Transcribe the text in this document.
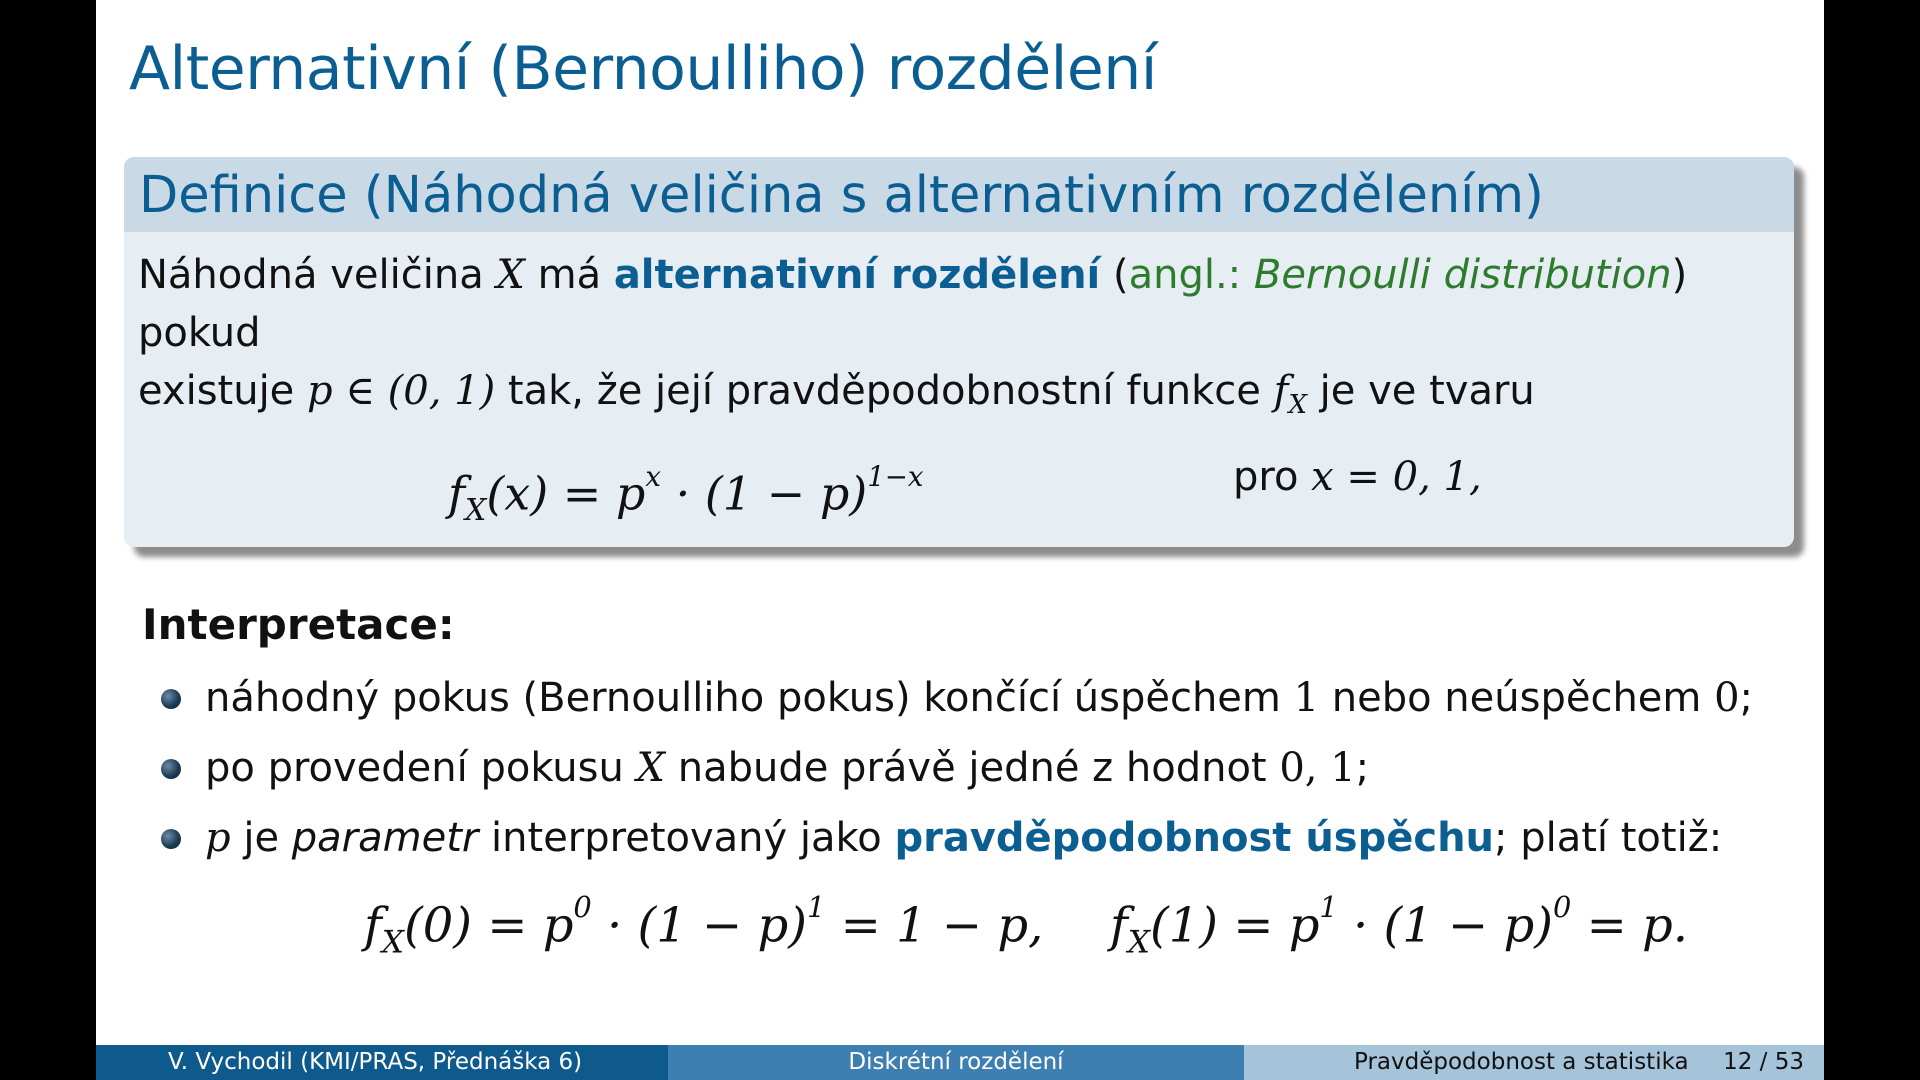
Alternativní (Bernoulliho) rozdělení
Definice (Náhodná veličina s alternativním rozdělením)
Náhodná veličina X má alternativní rozdělení (angl.: Bernoulli distribution) pokud
existuje p ∈ (0, 1) tak, že její pravděpodobnostní funkce $f_X$ je ve tvaru
$f_X(x) = p^x \cdot (1 - p)^{1-x}$	pro x = 0, 1,
Interpretace:
náhodný pokus (Bernoulliho pokus) končící úspěchem 1 nebo neúspěchem 0;
po provedení pokusu X nabude právě jedné z hodnot 0, 1;
p je parametr interpretovaný jako pravděpodobnost úspěchu; platí totiž:
$f_X(0) = p^0 \cdot (1 - p)^1 = 1 - p$, $f_X(1) = p^1 \cdot (1 - p)^0 = p$.
V. Vychodil (KMI/PRAS, Přednáška 6)	Diskrétní rozdělení	Pravděpodobnost a statistika 12 / 53
